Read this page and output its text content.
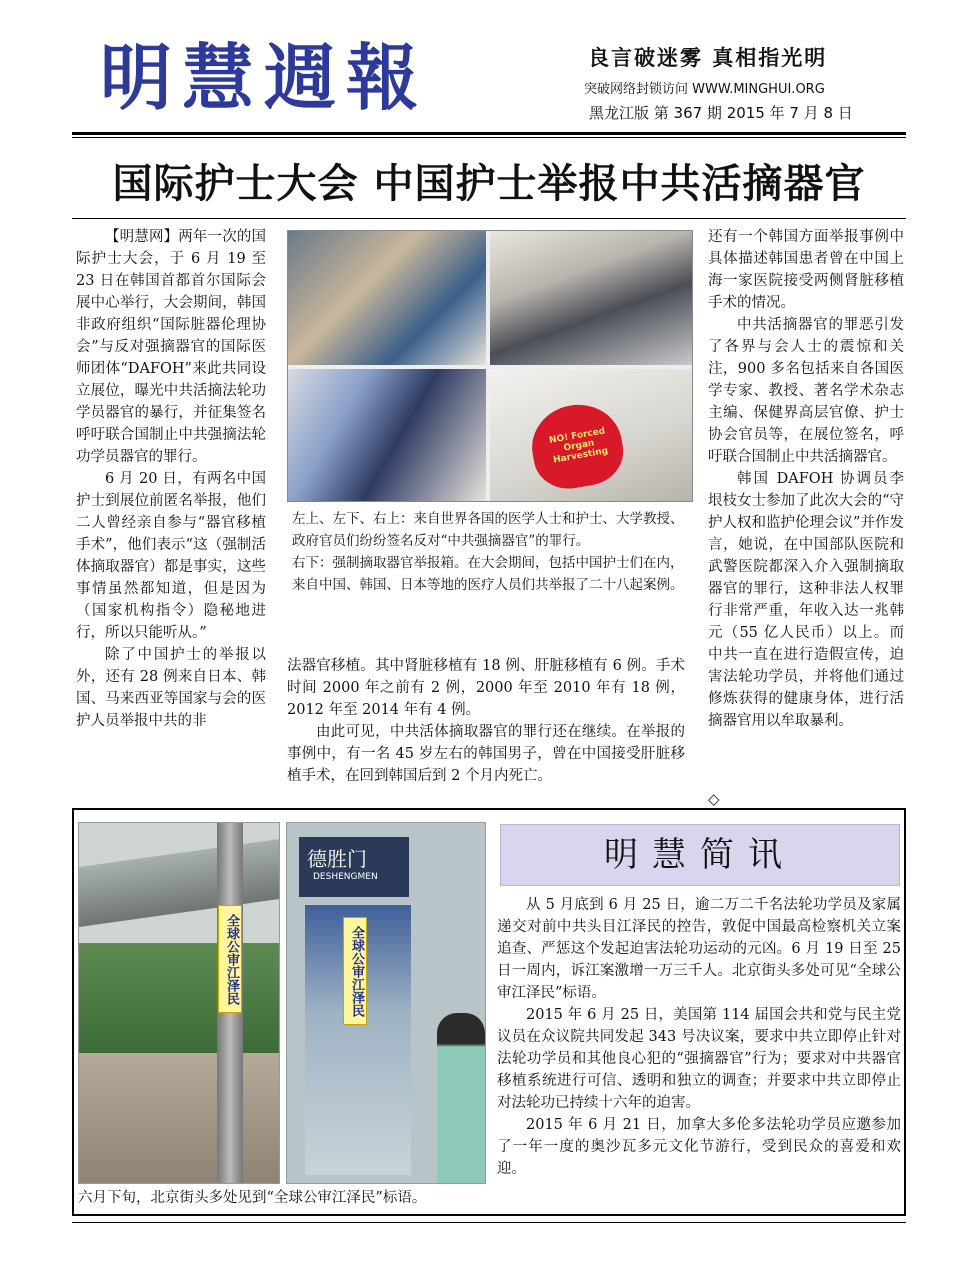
明慧週報	良言破迷雾 真相指光明
突破网络封锁访问 WWW.MINGHUI.ORG
黑龙江版 第 367 期 2015 年 7 月 8 日
国际护士大会 中国护士举报中共活摘器官

【明慧网】两年一次的国际护士大会，于 6 月 19 至 23 日在韩国首都首尔国际会展中心举行，大会期间，韩国非政府组织“国际脏器伦理协会”与反对强摘器官的国际医师团体“DAFOH”来此共同设立展位，曝光中共活摘法轮功学员器官的暴行，并征集签名呼吁联合国制止中共强摘法轮功学员器官的罪行。

6 月 20 日，有两名中国护士到展位前匿名举报，他们二人曾经亲自参与“器官移植手术”，他们表示“这（强制活体摘取器官）都是事实，这些事情虽然都知道，但是因为（国家机构指令）隐秘地进行，所以只能听从。”

除了中国护士的举报以外，还有 28 例来自日本、韩国、马来西亚等国家与会的医护人员举报中共的非

NO! Forced Organ Harvesting

左上、左下、右上：来自世界各国的医学人士和护士、大学教授、政府官员们纷纷签名反对“中共强摘器官”的罪行。

右下：强制摘取器官举报箱。在大会期间，包括中国护士们在内，来自中国、韩国、日本等地的医疗人员们共举报了二十八起案例。

法器官移植。其中肾脏移植有 18 例、肝脏移植有 6 例。手术时间 2000 年之前有 2 例，2000 年至 2010 年有 18 例，2012 年至 2014 年有 4 例。

由此可见，中共活体摘取器官的罪行还在继续。在举报的事例中，有一名 45 岁左右的韩国男子，曾在中国接受肝脏移植手术，在回到韩国后到 2 个月内死亡。

还有一个韩国方面举报事例中具体描述韩国患者曾在中国上海一家医院接受两侧肾脏移植手术的情况。

中共活摘器官的罪恶引发了各界与会人士的震惊和关注，900 多名包括来自各国医学专家、教授、著名学术杂志主编、保健界高层官僚、护士协会官员等，在展位签名，呼吁联合国制止中共活摘器官。

韩国 DAFOH 协调员李垠枝女士参加了此次大会的“守护人权和监护伦理会议”并作发言，她说，在中国部队医院和武警医院都深入介入强制摘取器官的罪行，这种非法人权罪行非常严重，年收入达一兆韩元（55 亿人民币）以上。而中共一直在进行造假宣传，迫害法轮功学员，并将他们通过修炼获得的健康身体，进行活摘器官用以牟取暴利。

◇
全球公审江泽民
德胜门
DESHENGMEN
全球公审江泽民
六月下旬，北京街头多处见到“全球公审江泽民”标语。
明慧简讯

从 5 月底到 6 月 25 日，逾二万二千名法轮功学员及家属递交对前中共头目江泽民的控告，敦促中国最高检察机关立案追查、严惩这个发起迫害法轮功运动的元凶。6 月 19 日至 25 日一周内，诉江案激增一万三千人。北京街头多处可见“全球公审江泽民”标语。

2015 年 6 月 25 日，美国第 114 届国会共和党与民主党议员在众议院共同发起 343 号决议案，要求中共立即停止针对法轮功学员和其他良心犯的“强摘器官”行为；要求对中共器官移植系统进行可信、透明和独立的调查；并要求中共立即停止对法轮功已持续十六年的迫害。

2015 年 6 月 21 日，加拿大多伦多法轮功学员应邀参加了一年一度的奥沙瓦多元文化节游行，受到民众的喜爱和欢迎。
